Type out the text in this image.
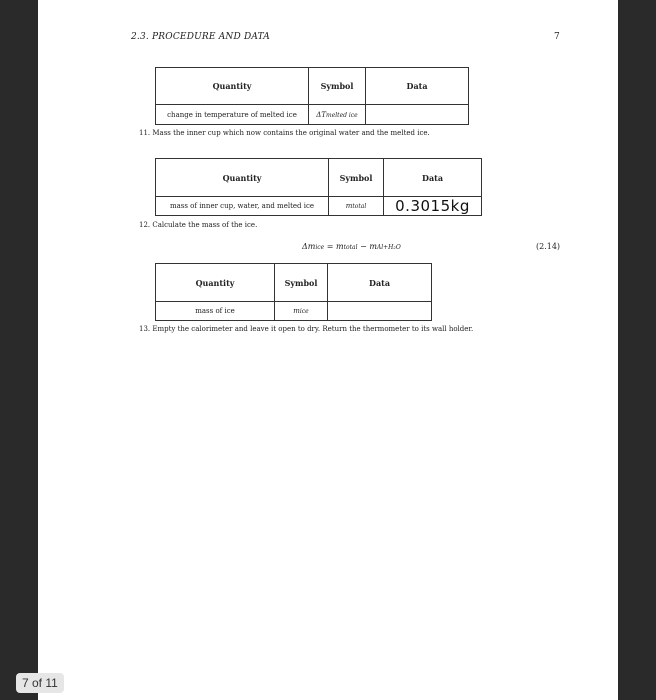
2.3. PROCEDURE AND DATA	7
Quantity	Symbol	Data
change in temperature of melted ice	ΔTmelted ice	
11. Mass the inner cup which now contains the original water and the melted ice.
Quantity	Symbol	Data
mass of inner cup, water, and melted ice	mtotal	0.3015kg
12. Calculate the mass of the ice.
Δmice = mtotal − mAl+H₂O	(2.14)
Quantity	Symbol	Data
mass of ice	mice	
13. Empty the calorimeter and leave it open to dry. Return the thermometer to its wall holder.
7 of 11
